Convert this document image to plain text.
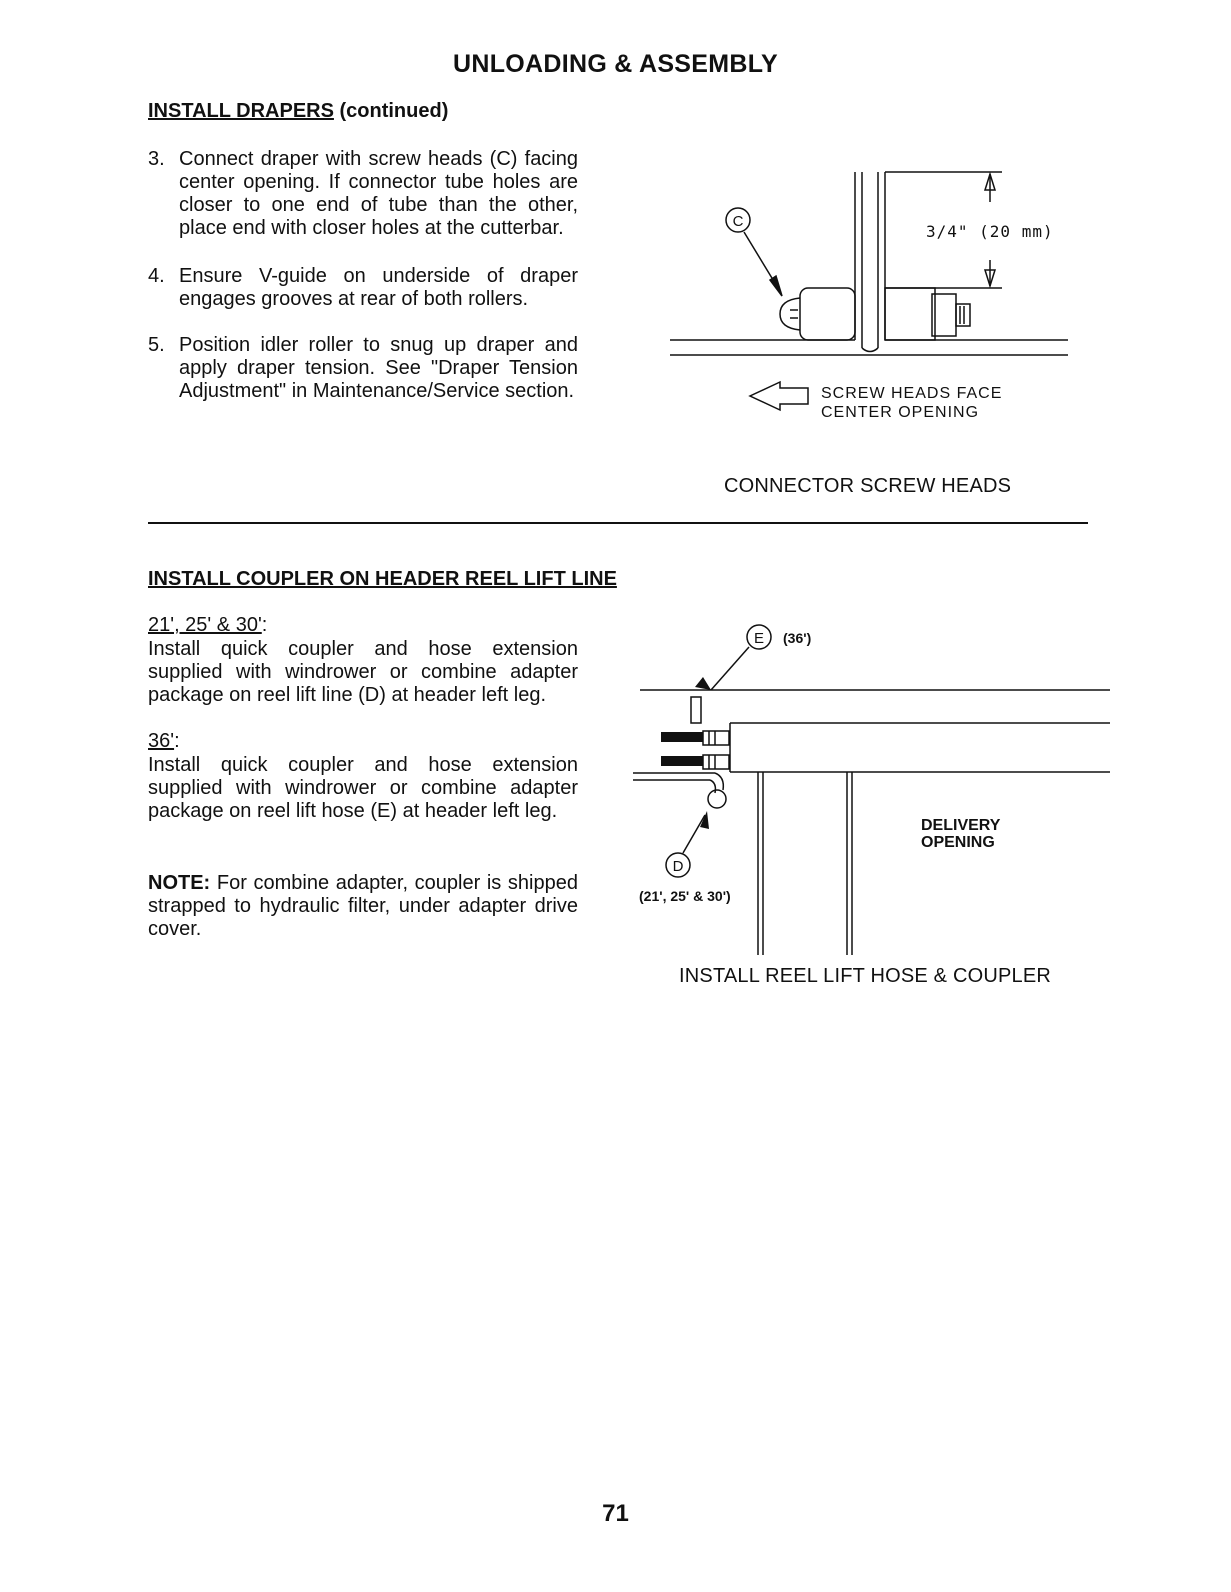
UNLOADING & ASSEMBLY
INSTALL DRAPERS (continued)
3. Connect draper with screw heads (C) facing center opening. If connector tube holes are closer to one end of tube than the other, place end with closer holes at the cutterbar.
4. Ensure V-guide on underside of draper engages grooves at rear of both rollers.
5. Position idler roller to snug up draper and apply draper tension. See "Draper Tension Adjustment" in Maintenance/Service section.
C
3/4" (20 mm)
SCREW HEADS FACE
CENTER OPENING
CONNECTOR SCREW HEADS
INSTALL COUPLER ON HEADER REEL LIFT LINE
21', 25' & 30':
Install quick coupler and hose extension supplied with windrower or combine adapter package on reel lift line (D) at header left leg.
36':
Install quick coupler and hose extension supplied with windrower or combine adapter package on reel lift hose (E) at header left leg.
NOTE: For combine adapter, coupler is shipped strapped to hydraulic filter, under adapter drive cover.
E (36')
D
(21', 25' & 30')
DELIVERY
OPENING
INSTALL REEL LIFT HOSE & COUPLER
71
